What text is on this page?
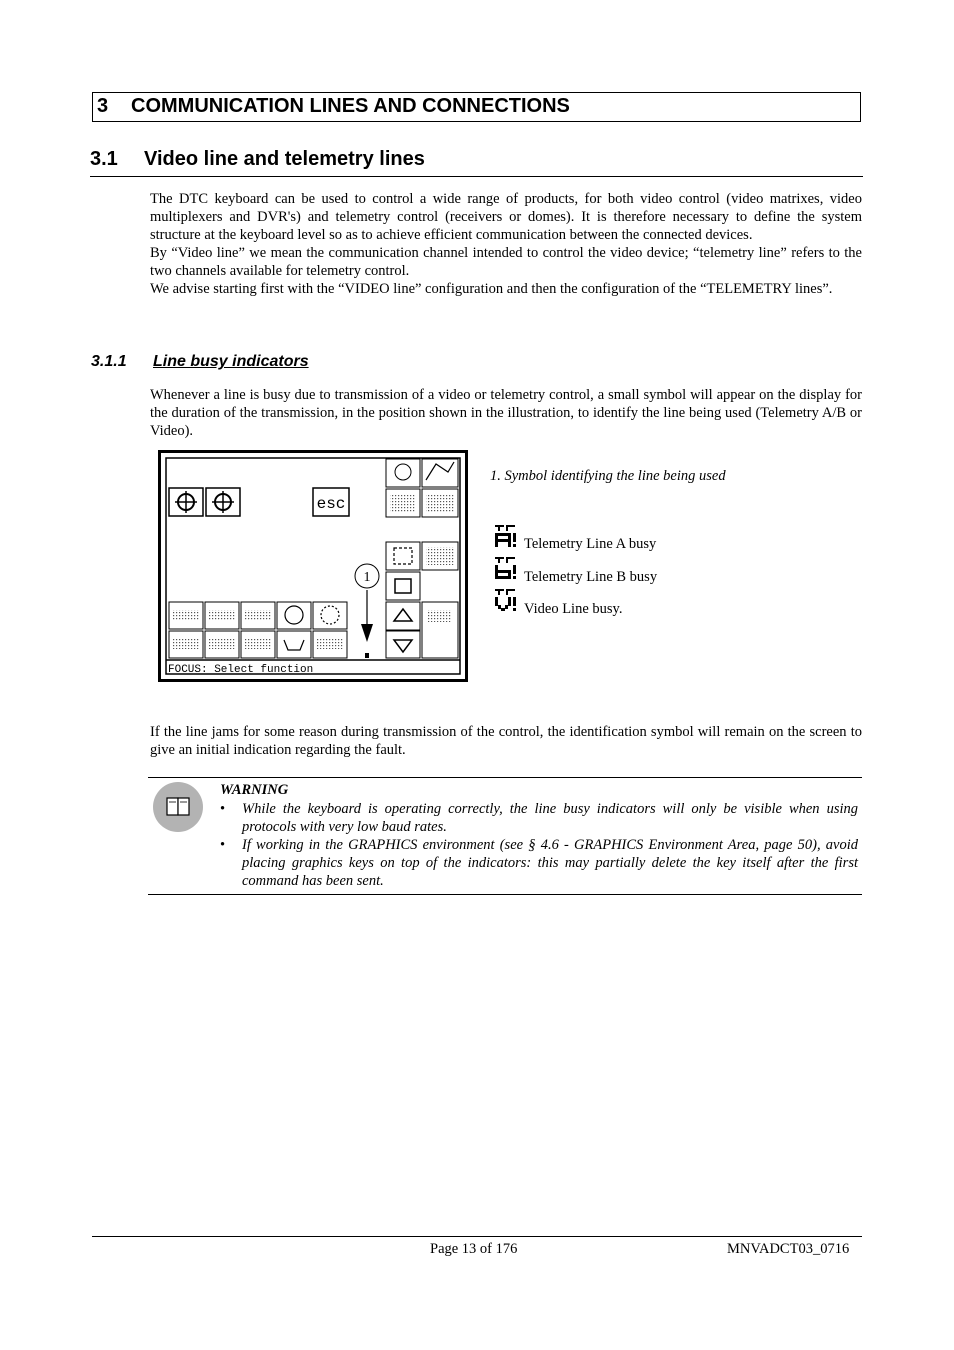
3 COMMUNICATION LINES AND CONNECTIONS
3.1 Video line and telemetry lines

The DTC keyboard can be used to control a wide range of products, for both video control (video matrixes, video multiplexers and DVR's) and telemetry control (receivers or domes). It is therefore necessary to define the system structure at the keyboard level so as to achieve efficient communication between the connected devices.

By “Video line” we mean the communication channel intended to control the video device; “telemetry line” refers to the two channels available for telemetry control.

We advise starting first with the “VIDEO line” configuration and then the configuration of the “TELEMETRY lines”.

3.1.1 Line busy indicators

Whenever a line is busy due to transmission of a video or telemetry control, a small symbol will appear on the display for the duration of the transmission, in the position shown in the illustration, to identify the line being used (Telemetry A/B or Video).

esc
1
FOCUS: Select function
1. Symbol identifying the line being used
Telemetry Line A busy
Telemetry Line B busy
Video Line busy.

If the line jams for some reason during transmission of the control, the identification symbol will remain on the screen to give an initial indication regarding the fault.

WARNING
• While the keyboard is operating correctly, the line busy indicators will only be visible when using protocols with very low baud rates.
• If working in the GRAPHICS environment (see § 4.6 - GRAPHICS Environment Area, page 50), avoid placing graphics keys on top of the indicators: this may partially delete the key itself after the first command has been sent.
Page 13 of 176	MNVADCT03_0716
